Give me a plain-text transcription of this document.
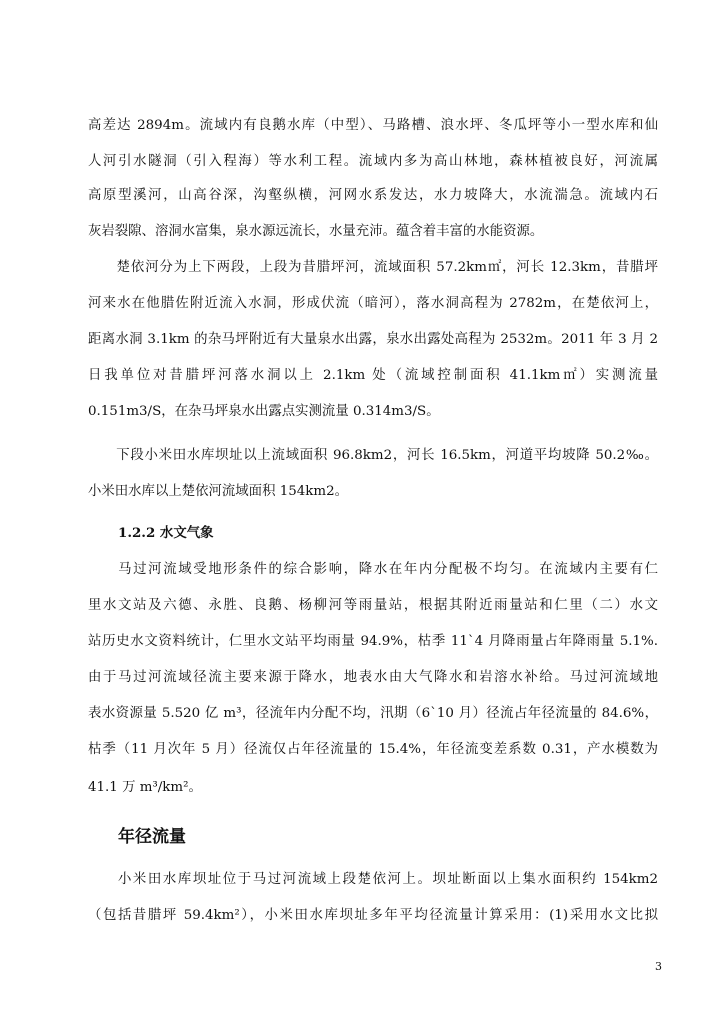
高差达 2894m。流域内有良鹅水库（中型）、马路槽、浪水坪、冬瓜坪等小一型水库和仙
人河引水隧洞（引入程海）等水利工程。流域内多为高山林地，森林植被良好，河流属
高原型溪河，山高谷深，沟壑纵横，河网水系发达，水力坡降大，水流湍急。流域内石
灰岩裂隙、溶洞水富集，泉水源远流长，水量充沛。蕴含着丰富的水能资源。
　　楚依河分为上下两段，上段为昔腊坪河，流域面积 57.2km㎡，河长 12.3km，昔腊坪
河来水在他腊佐附近流入水洞，形成伏流（暗河），落水洞高程为 2782m，在楚依河上，
距离水洞 3.1km 的杂马坪附近有大量泉水出露，泉水出露处高程为 2532m。2011 年 3 月 2
日我单位对昔腊坪河落水洞以上 2.1km 处（流域控制面积 41.1km㎡）实测流量
0.151m3/S，在杂马坪泉水出露点实测流量 0.314m3/S。
　　下段小米田水库坝址以上流域面积 96.8km2，河长 16.5km，河道平均坡降 50.2‰。
小米田水库以上楚依河流域面积 154km2。
1.2.2 水文气象
　　马过河流域受地形条件的综合影响，降水在年内分配极不均匀。在流域内主要有仁
里水文站及六德、永胜、良鹅、杨柳河等雨量站，根据其附近雨量站和仁里（二）水文
站历史水文资料统计，仁里水文站平均雨量 94.9%，枯季 11`4 月降雨量占年降雨量 5.1%.
由于马过河流域径流主要来源于降水，地表水由大气降水和岩溶水补给。马过河流域地
表水资源量 5.520 亿 m³，径流年内分配不均，汛期（6`10 月）径流占年径流量的 84.6%，
枯季（11 月次年 5 月）径流仅占年径流量的 15.4%，年径流变差系数 0.31，产水模数为
41.1 万 m³/km²。
年径流量
　　小米田水库坝址位于马过河流域上段楚依河上。坝址断面以上集水面积约 154km2
（包括昔腊坪 59.4km²），小米田水库坝址多年平均径流量计算采用：(1)采用水文比拟
3
